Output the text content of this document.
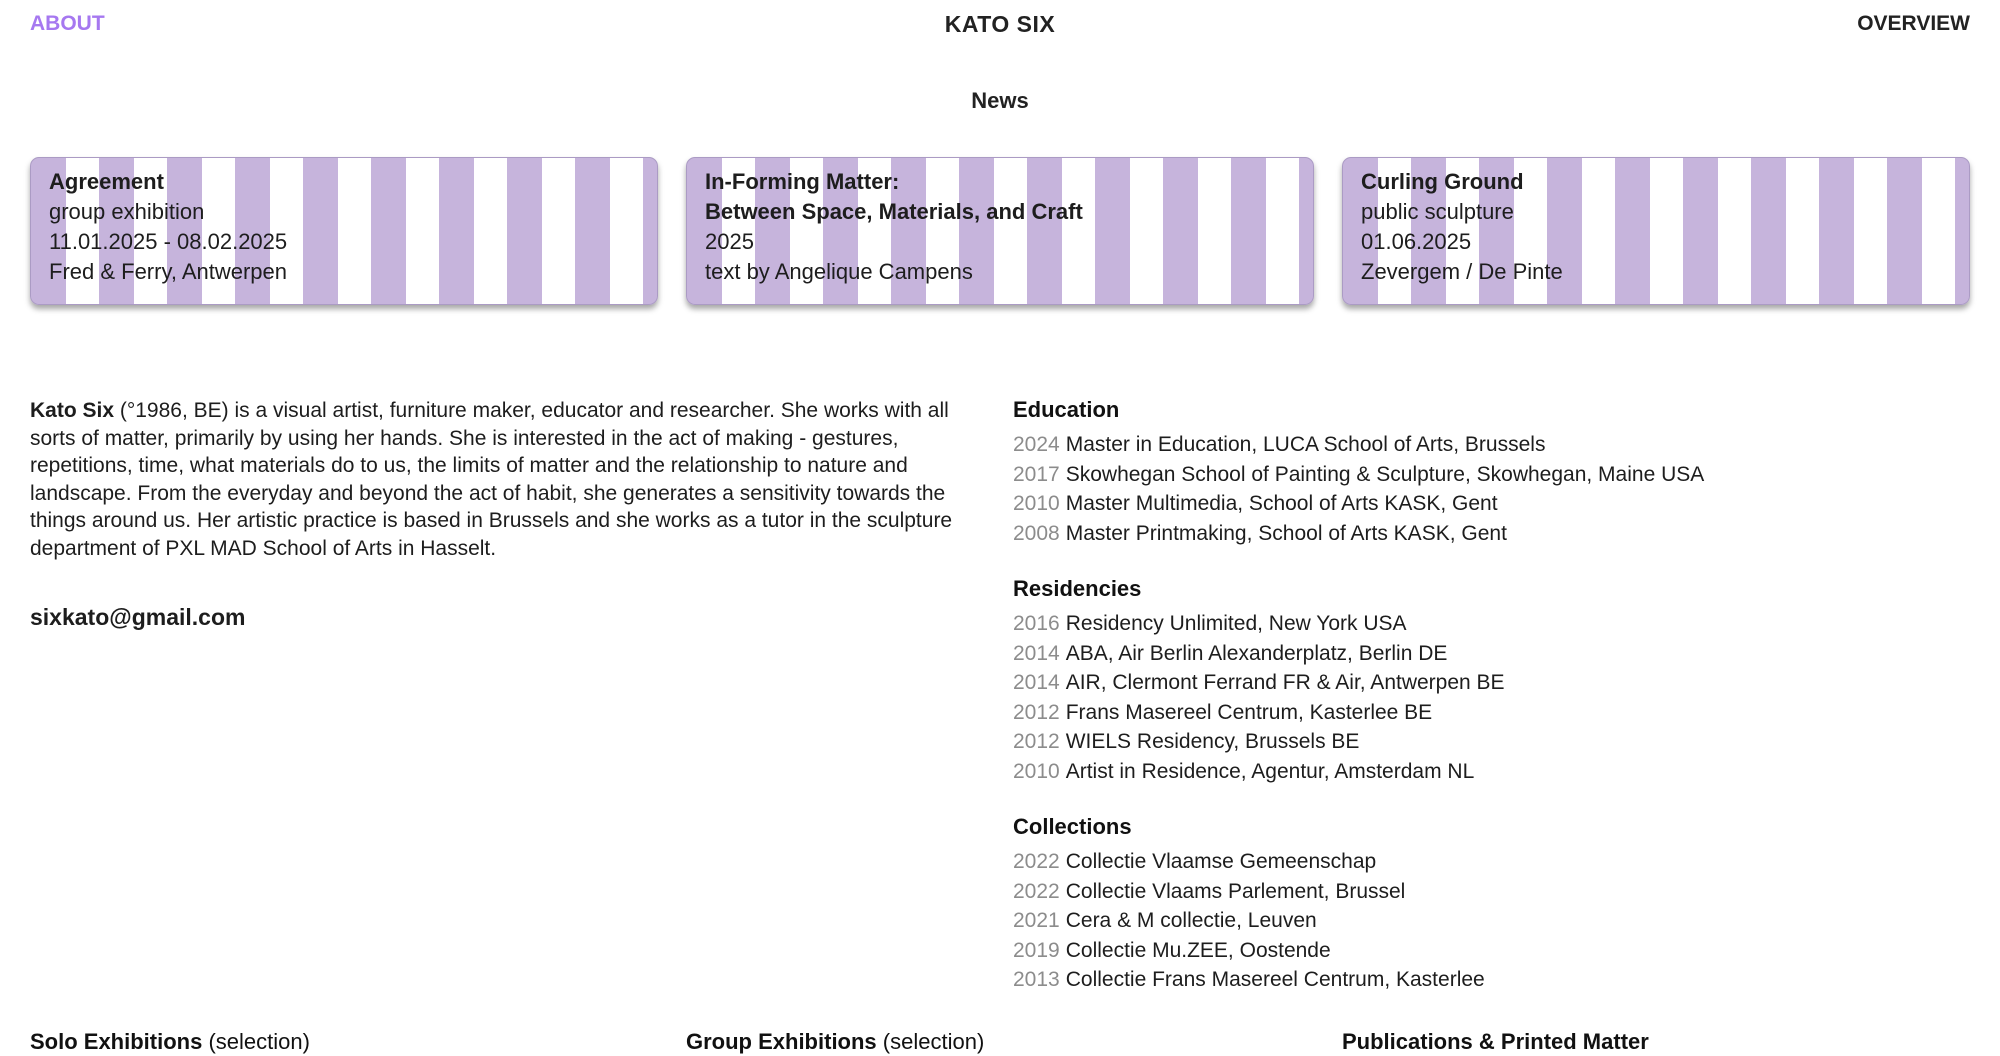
ABOUT	KATO SIX	OVERVIEW
News
Agreement
group exhibition
11.01.2025 - 08.02.2025
Fred & Ferry, Antwerpen
In-Forming Matter:
Between Space, Materials, and Craft
2025
text by Angelique Campens
Curling Ground
public sculpture
01.06.2025
Zevergem / De Pinte
Kato Six (°1986, BE) is a visual artist, furniture maker, educator and researcher. She works with all sorts of matter, primarily by using her hands. She is interested in the act of making - gestures, repetitions, time, what materials do to us, the limits of matter and the relationship to nature and landscape. From the everyday and beyond the act of habit, she generates a sensitivity towards the things around us. Her artistic practice is based in Brussels and she works as a tutor in the sculpture department of PXL MAD School of Arts in Hasselt.
sixkato@gmail.com
Education
2024 Master in Education, LUCA School of Arts, Brussels
2017 Skowhegan School of Painting & Sculpture, Skowhegan, Maine USA
2010 Master Multimedia, School of Arts KASK, Gent
2008 Master Printmaking, School of Arts KASK, Gent
Residencies
2016 Residency Unlimited, New York USA
2014 ABA, Air Berlin Alexanderplatz, Berlin DE
2014 AIR, Clermont Ferrand FR & Air, Antwerpen BE
2012 Frans Masereel Centrum, Kasterlee BE
2012 WIELS Residency, Brussels BE
2010 Artist in Residence, Agentur, Amsterdam NL
Collections
2022 Collectie Vlaamse Gemeenschap
2022 Collectie Vlaams Parlement, Brussel
2021 Cera & M collectie, Leuven
2019 Collectie Mu.ZEE, Oostende
2013 Collectie Frans Masereel Centrum, Kasterlee
Solo Exhibitions (selection)	Group Exhibitions (selection)	Publications & Printed Matter
